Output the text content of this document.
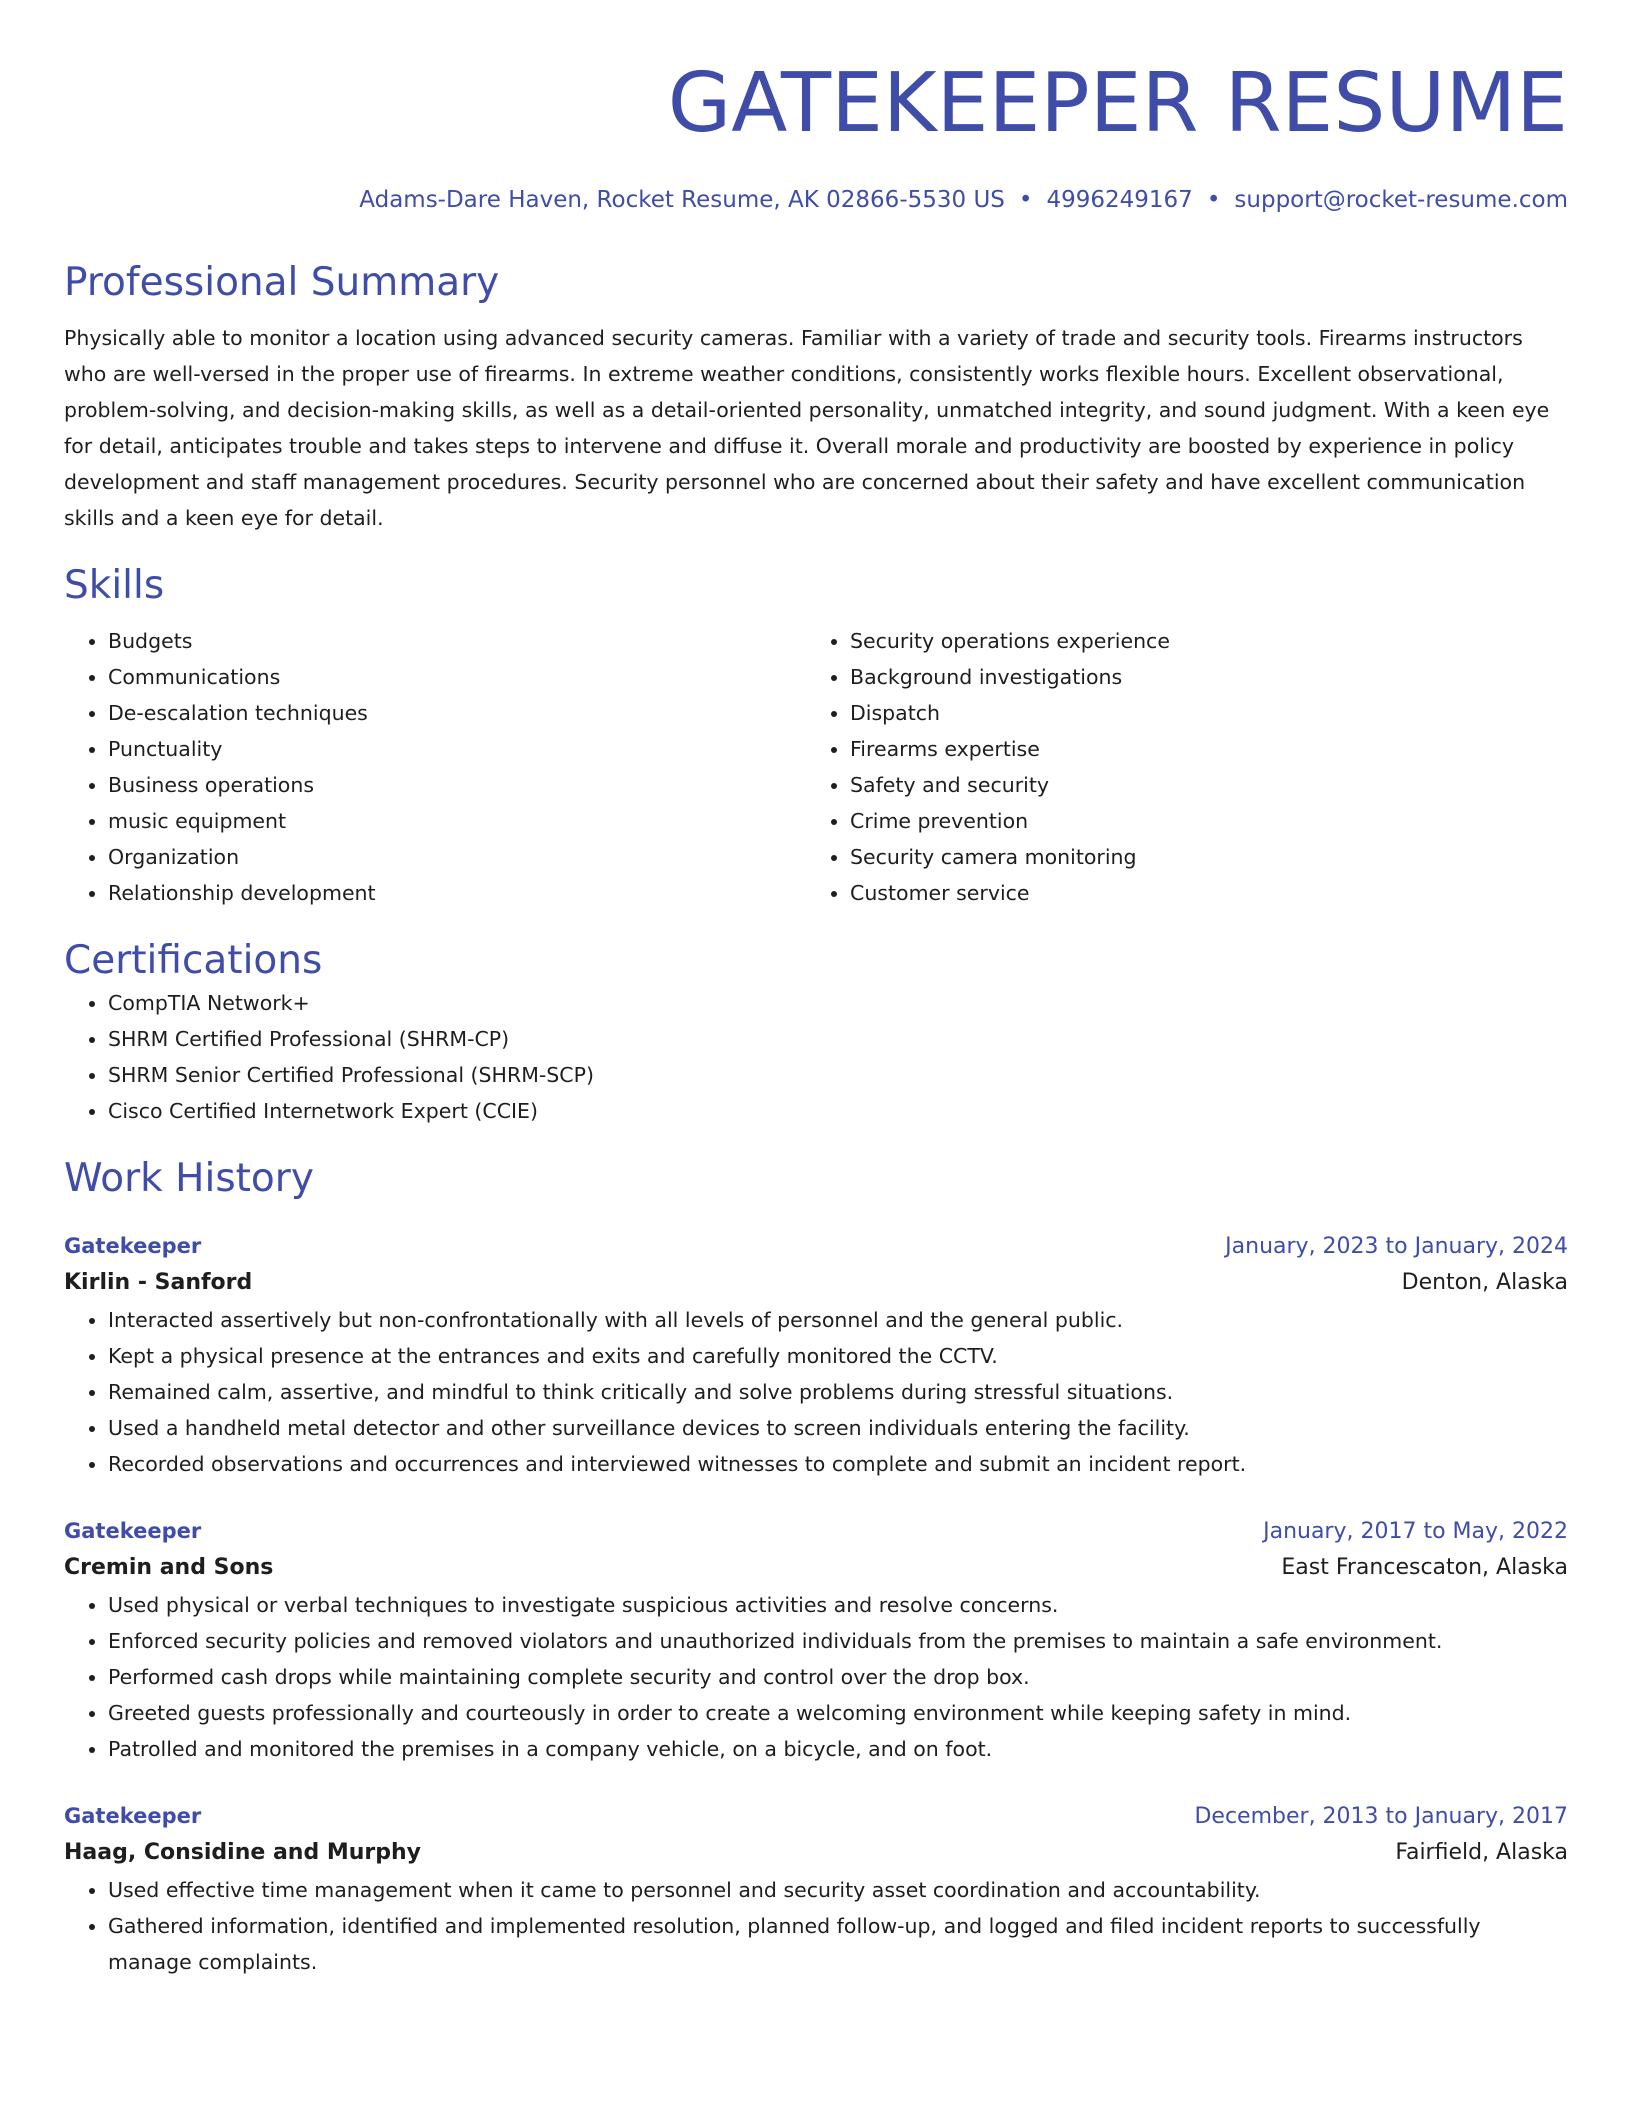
GATEKEEPER RESUME
Adams-Dare Haven, Rocket Resume, AK 02866-5530 US • 4996249167 • support@rocket-resume.com
Professional Summary

Physically able to monitor a location using advanced security cameras. Familiar with a variety of trade and security tools. Firearms instructors who are well-versed in the proper use of firearms. In extreme weather conditions, consistently works flexible hours. Excellent observational, problem-solving, and decision-making skills, as well as a detail-oriented personality, unmatched integrity, and sound judgment. With a keen eye for detail, anticipates trouble and takes steps to intervene and diffuse it. Overall morale and productivity are boosted by experience in policy development and staff management procedures. Security personnel who are concerned about their safety and have excellent communication skills and a keen eye for detail.

Skills
• Budgets
• Communications
• De-escalation techniques
• Punctuality
• Business operations
• music equipment
• Organization
• Relationship development
• Security operations experience
• Background investigations
• Dispatch
• Firearms expertise
• Safety and security
• Crime prevention
• Security camera monitoring
• Customer service
Certifications
• CompTIA Network+
• SHRM Certified Professional (SHRM-CP)
• SHRM Senior Certified Professional (SHRM-SCP)
• Cisco Certified Internetwork Expert (CCIE)
Work History
Gatekeeper	January, 2023 to January, 2024
Kirlin - Sanford	Denton, Alaska
• Interacted assertively but non-confrontationally with all levels of personnel and the general public.
• Kept a physical presence at the entrances and exits and carefully monitored the CCTV.
• Remained calm, assertive, and mindful to think critically and solve problems during stressful situations.
• Used a handheld metal detector and other surveillance devices to screen individuals entering the facility.
• Recorded observations and occurrences and interviewed witnesses to complete and submit an incident report.
Gatekeeper	January, 2017 to May, 2022
Cremin and Sons	East Francescaton, Alaska
• Used physical or verbal techniques to investigate suspicious activities and resolve concerns.
• Enforced security policies and removed violators and unauthorized individuals from the premises to maintain a safe environment.
• Performed cash drops while maintaining complete security and control over the drop box.
• Greeted guests professionally and courteously in order to create a welcoming environment while keeping safety in mind.
• Patrolled and monitored the premises in a company vehicle, on a bicycle, and on foot.
Gatekeeper	December, 2013 to January, 2017
Haag, Considine and Murphy	Fairfield, Alaska
• Used effective time management when it came to personnel and security asset coordination and accountability.
• Gathered information, identified and implemented resolution, planned follow-up, and logged and filed incident reports to successfully manage complaints.
